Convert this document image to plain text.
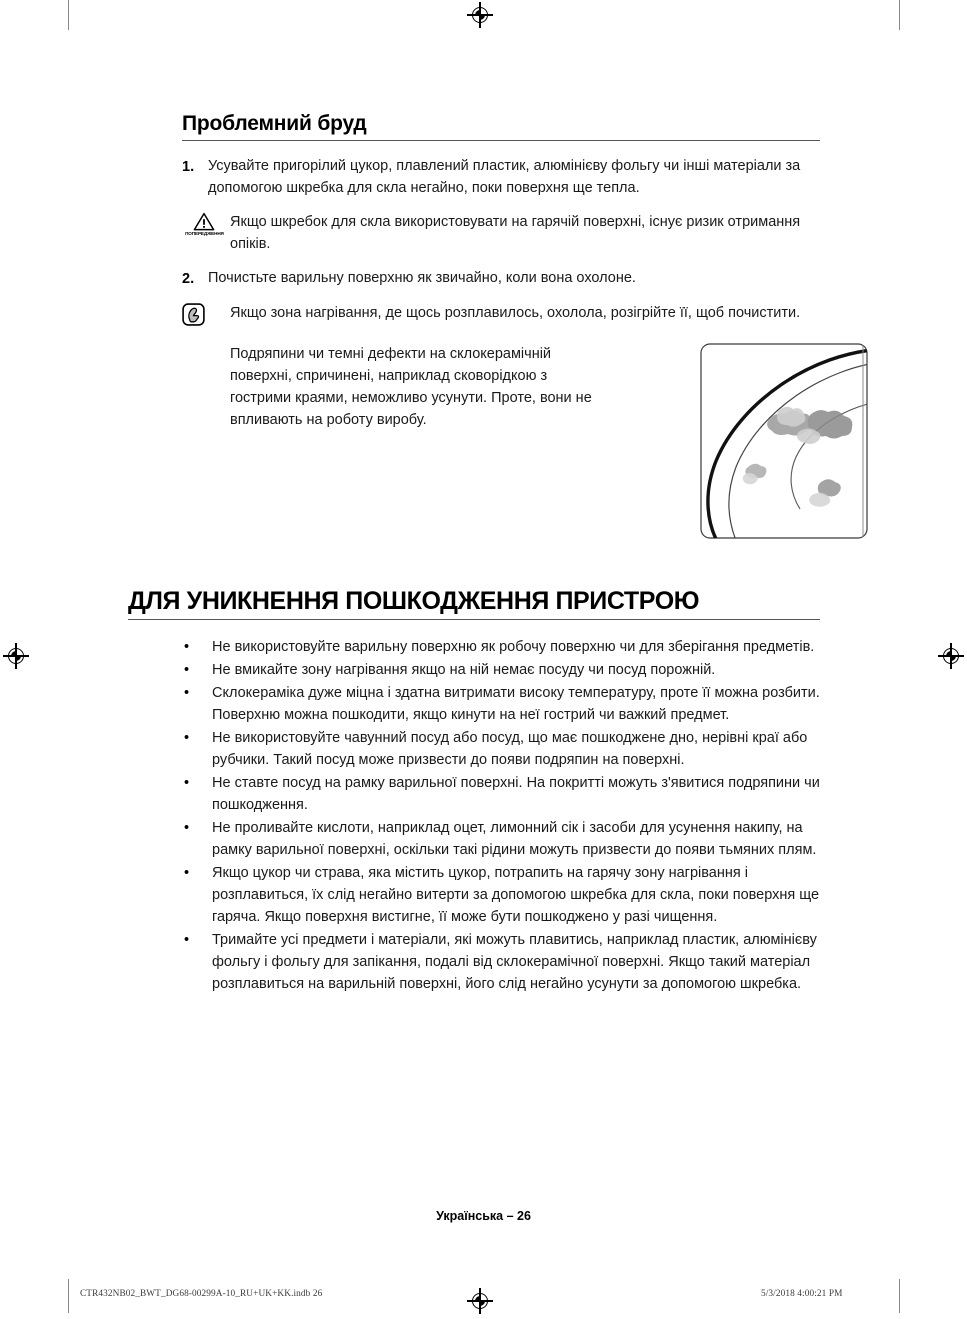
Проблемний бруд
1. Усувайте пригорілий цукор, плавлений пластик, алюмінієву фольгу чи інші матеріали за допомогою шкребка для скла негайно, поки поверхня ще тепла.
ПОПЕРЕДЖЕННЯ
Якщо шкребок для скла використовувати на гарячій поверхні, існує ризик отримання опіків.
2. Почистьте варильну поверхню як звичайно, коли вона охолоне.
Якщо зона нагрівання, де щось розплавилось, охолола, розігрійте її, щоб почистити.
Подряпини чи темні дефекти на склокерамічній поверхні, спричинені, наприклад сковорідкою з гострими краями, неможливо усунути. Проте, вони не впливають на роботу виробу.
ДЛЯ УНИКНЕННЯ ПОШКОДЖЕННЯ ПРИСТРОЮ
•	Не використовуйте варильну поверхню як робочу поверхню чи для зберігання предметів.
•	Не вмикайте зону нагрівання якщо на ній немає посуду чи посуд порожній.
•	Склокераміка дуже міцна і здатна витримати високу температуру, проте її можна розбити.
Поверхню можна пошкодити, якщо кинути на неї гострий чи важкий предмет.
•	Не використовуйте чавунний посуд або посуд, що має пошкоджене дно, нерівні краї або рубчики. Такий посуд може призвести до появи подряпин на поверхні.
•	Не ставте посуд на рамку варильної поверхні. На покритті можуть з'явитися подряпини чи пошкодження.
•	Не проливайте кислоти, наприклад оцет, лимонний сік і засоби для усунення накипу, на рамку варильної поверхні, оскільки такі рідини можуть призвести до появи тьмяних плям.
•	Якщо цукор чи страва, яка містить цукор, потрапить на гарячу зону нагрівання і розплавиться, їх слід негайно витерти за допомогою шкребка для скла, поки поверхня ще гаряча. Якщо поверхня вистигне, її може бути пошкоджено у разі чищення.
•	Тримайте усі предмети і матеріали, які можуть плавитись, наприклад пластик, алюмінієву фольгу і фольгу для запікання, подалі від склокерамічної поверхні. Якщо такий матеріал розплавиться на варильній поверхні, його слід негайно усунути за допомогою шкребка.
Українська – 26
CTR432NB02_BWT_DG68-00299A-10_RU+UK+KK.indb 26	5/3/2018 4:00:21 PM
